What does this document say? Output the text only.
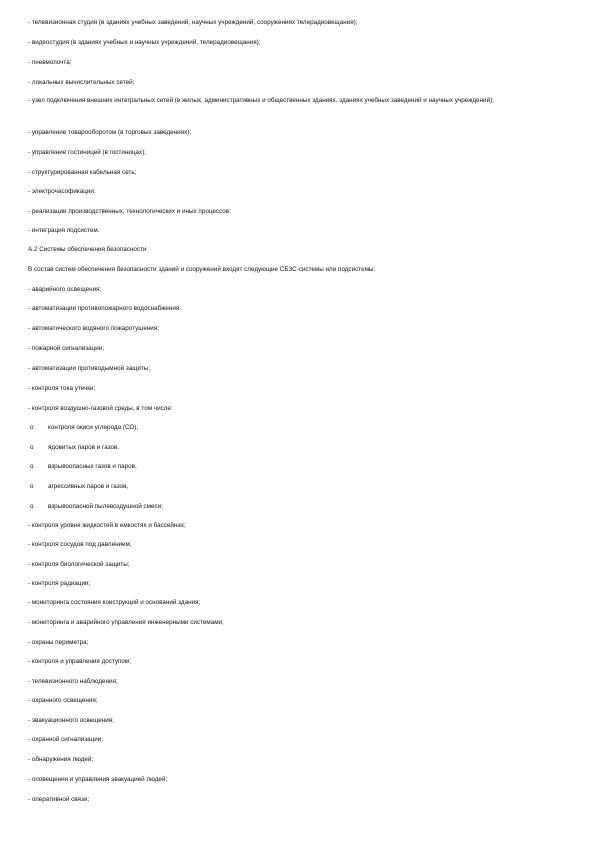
- телевизионная студия (в зданиях учебных заведений, научных учреждений, сооружениях телерадиовещания);
- видеостудия (в зданиях учебных и научных учреждений, телерадиовещания);
- пневмопочта;
- локальных вычислительных сетей;
- узел подключения внешних интегральных сетей (в жилых, административных и общественных зданиях, зданиях учебных заведений и научных учреждений);
- управление товарооборотом (в торговых заведениях);
- управление гостиницей (в гостиницах);
- структурированная кабельная сеть;
- электрочасофикации;
- реализации производственных, технологических и иных процессов;
- интеграция подсистем.
А.2 Системы обеспечения безопасности
В состав систем обеспечения безопасности зданий и сооружений входят следующие СБЗС-системы или подсистемы:
- аварийного освещения;
- автоматизации противопожарного водоснабжения;
- автоматического водяного пожаротушения;
- пожарной сигнализации;
- автоматизации противодымной защиты;
- контроля тока утечки;
- контроля воздушно-газовой среды, в том числе:
o контроля окиси углерода (СО),
o ядовитых паров и газов,
o взрывоопасных газов и паров,
o агрессивных паров и газов,
o взрывоопасной пылевоздушной смеси;
- контроля уровня жидкостей в емкостях и бассейнах;
- контроля сосудов под давлением;
- контроля биологической защиты;
- контроля радиации;
- мониторинга состояния конструкций и оснований здания;
- мониторинга и аварийного управления инженерными системами;
- охраны периметра;
- контроля и управления доступом;
- телевизионного наблюдения;
- охранного освещения;
- эвакуационного освещения;
- охранной сигнализации;
- обнаружения людей;
- оповещения и управления эвакуацией людей;
- оперативной связи;
